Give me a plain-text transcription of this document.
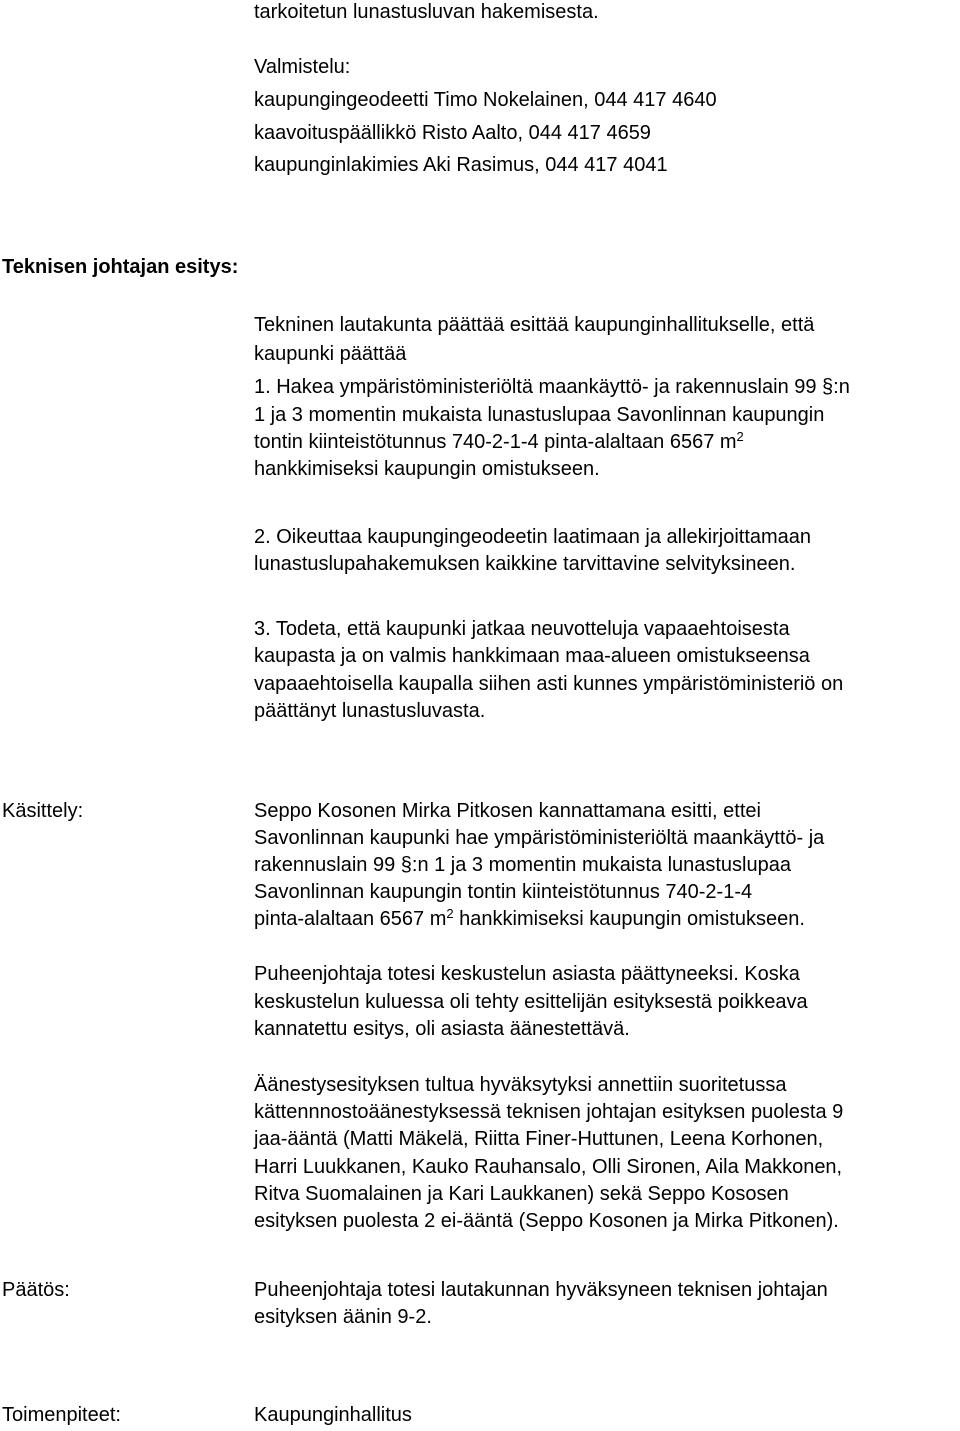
tarkoitetun lunastusluvan hakemisesta.

Valmistelu:

kaupungingeodeetti Timo Nokelainen, 044 417 4640

kaavoituspäällikkö Risto Aalto, 044 417 4659

kaupunginlakimies Aki Rasimus, 044 417 4041

Teknisen johtajan esitys:

Tekninen lautakunta päättää esittää kaupunginhallitukselle, että

kaupunki päättää

1. Hakea ympäristöministeriöltä maankäyttö- ja rakennuslain 99 §:n

1 ja 3 momentin mukaista lunastuslupaa Savonlinnan kaupungin

tontin kiinteistötunnus 740-2-1-4 pinta-alaltaan 6567 $m^2$

hankkimiseksi kaupungin omistukseen.

2. Oikeuttaa kaupungingeodeetin laatimaan ja allekirjoittamaan

lunastuslupahakemuksen kaikkine tarvittavine selvityksineen.

3. Todeta, että kaupunki jatkaa neuvotteluja vapaaehtoisesta

kaupasta ja on valmis hankkimaan maa-alueen omistukseensa

vapaaehtoisella kaupalla siihen asti kunnes ympäristöministeriö on

päättänyt lunastusluvasta.

Käsittely:	Seppo Kosonen Mirka Pitkosen kannattamana esitti, ettei

Savonlinnan kaupunki hae ympäristöministeriöltä maankäyttö- ja

rakennuslain 99 §:n 1 ja 3 momentin mukaista lunastuslupaa

Savonlinnan kaupungin tontin kiinteistötunnus 740-2-1-4

pinta-alaltaan 6567 $m^2$ hankkimiseksi kaupungin omistukseen.

Puheenjohtaja totesi keskustelun asiasta päättyneeksi. Koska

keskustelun kuluessa oli tehty esittelijän esityksestä poikkeava

kannatettu esitys, oli asiasta äänestettävä.

Äänestysesityksen tultua hyväksytyksi annettiin suoritetussa

kättennnostoäänestyksessä teknisen johtajan esityksen puolesta 9

jaa-ääntä (Matti Mäkelä, Riitta Finer-Huttunen, Leena Korhonen,

Harri Luukkanen, Kauko Rauhansalo, Olli Sironen, Aila Makkonen,

Ritva Suomalainen ja Kari Laukkanen) sekä Seppo Kososen

esityksen puolesta 2 ei-ääntä (Seppo Kosonen ja Mirka Pitkonen).

Päätös:	Puheenjohtaja totesi lautakunnan hyväksyneen teknisen johtajan

esityksen äänin 9-2.

Toimenpiteet:	Kaupunginhallitus
